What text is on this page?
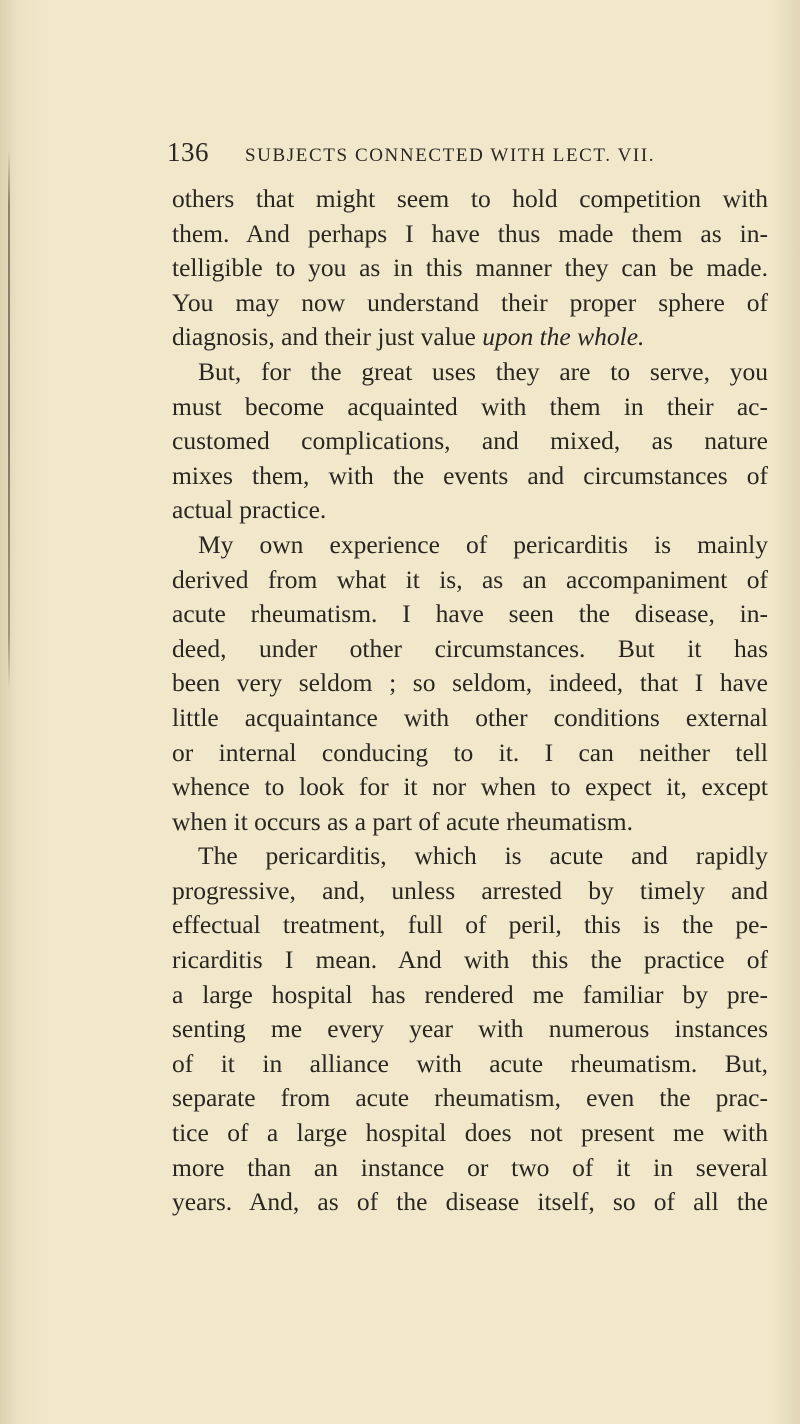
136 SUBJECTS CONNECTED WITH LECT. VII.
others that might seem to hold competition with
them. And perhaps I have thus made them as in-
telligible to you as in this manner they can be made.
You may now understand their proper sphere of
diagnosis, and their just value upon the whole.
But, for the great uses they are to serve, you
must become acquainted with them in their ac-
customed complications, and mixed, as nature
mixes them, with the events and circumstances of
actual practice.
My own experience of pericarditis is mainly
derived from what it is, as an accompaniment of
acute rheumatism. I have seen the disease, in-
deed, under other circumstances. But it has
been very seldom ; so seldom, indeed, that I have
little acquaintance with other conditions external
or internal conducing to it. I can neither tell
whence to look for it nor when to expect it, except
when it occurs as a part of acute rheumatism.
The pericarditis, which is acute and rapidly
progressive, and, unless arrested by timely and
effectual treatment, full of peril, this is the pe-
ricarditis I mean. And with this the practice of
a large hospital has rendered me familiar by pre-
senting me every year with numerous instances
of it in alliance with acute rheumatism. But,
separate from acute rheumatism, even the prac-
tice of a large hospital does not present me with
more than an instance or two of it in several
years. And, as of the disease itself, so of all the
